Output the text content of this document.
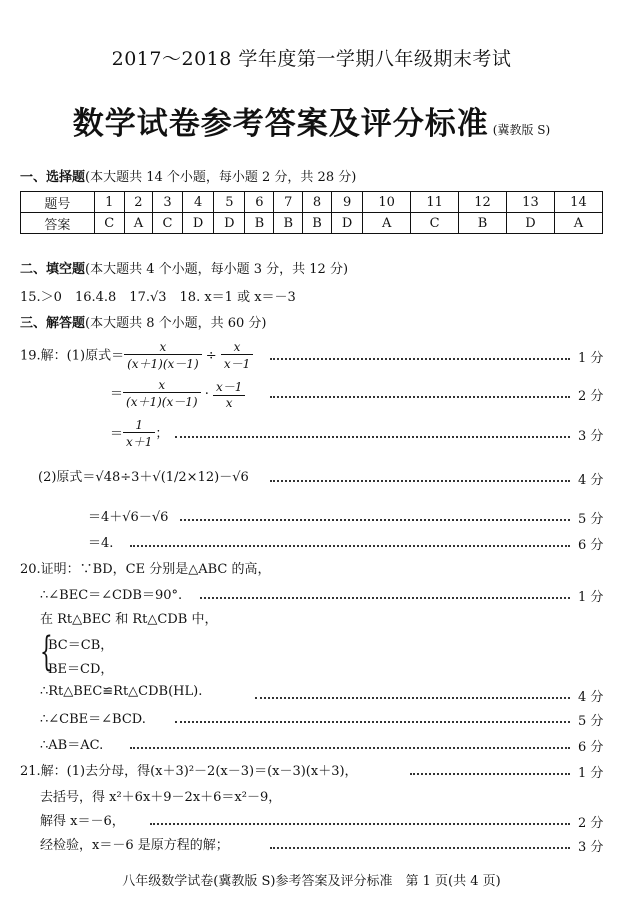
2017～2018 学年度第一学期八年级期末考试
数学试卷参考答案及评分标准 (冀教版 S)
一、选择题(本大题共 14 个小题，每小题 2 分，共 28 分)
题号	1	2	3	4	5	6	7	8	9	10	11	12	13	14
答案	C	A	C	D	D	B	B	B	D	A	C	B	D	A
二、填空题(本大题共 4 个小题，每小题 3 分，共 12 分)
15.＞0　16.4.8　17.√3　18. x＝1 或 x＝－3
三、解答题(本大题共 8 个小题，共 60 分)
19.解：(1)原式＝ $\frac{x}{(x+1)(x-1)} \div \frac{x}{x-1}$	1 分
＝ $\frac{x}{(x+1)(x-1)} \cdot \frac{x-1}{x}$	2 分
＝ $\frac{1}{x+1}$ ；	3 分
(2)原式＝√48÷3＋√(1/2×12)－√6	4 分
＝4＋√6－√6	5 分
＝4.	6 分
20.证明：∵BD，CE 分别是△ABC 的高，
∴∠BEC＝∠CDB＝90°.	1 分
在 Rt△BEC 和 Rt△CDB 中，
{
BC＝CB，
BE＝CD，
∴Rt△BEC≌Rt△CDB(HL).	4 分
∴∠CBE＝∠BCD.	5 分
∴AB＝AC.	6 分
21.解：(1)去分母，得(x＋3)²－2(x－3)＝(x－3)(x＋3)，	1 分
去括号，得 x²＋6x＋9－2x＋6＝x²－9，
解得 x＝－6，	2 分
经检验，x＝－6 是原方程的解；	3 分
八年级数学试卷(冀教版 S)参考答案及评分标准　第 1 页(共 4 页)
